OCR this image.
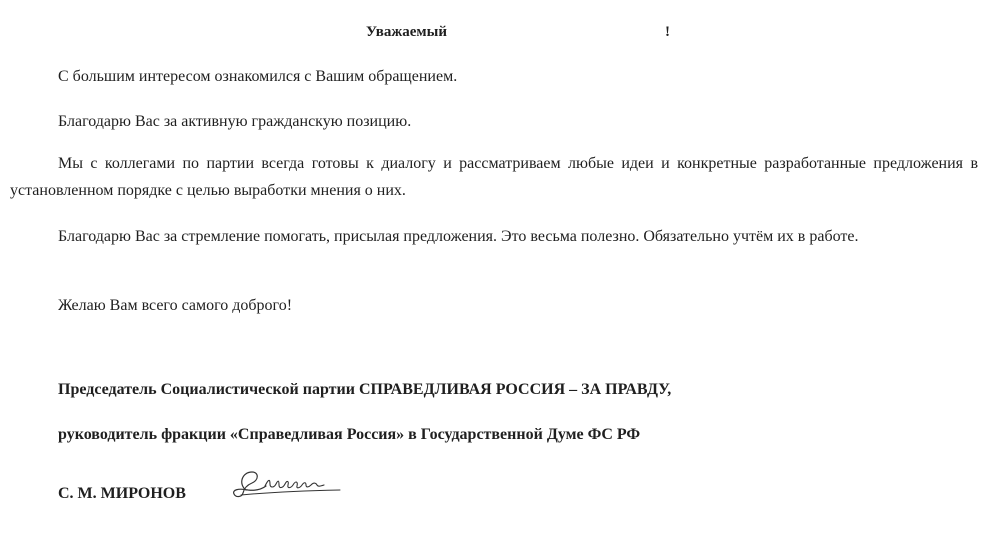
Уважаемый	!

С большим интересом ознакомился с Вашим обращением.

Благодарю Вас за активную гражданскую позицию.

Мы с коллегами по партии всегда готовы к диалогу и рассматриваем любые идеи и конкретные разработанные предложения в установленном порядке с целью выработки мнения о них.

Благодарю Вас за стремление помогать, присылая предложения. Это весьма полезно. Обязательно учтём их в работе.

Желаю Вам всего самого доброго!

Председатель Социалистической партии СПРАВЕДЛИВАЯ РОССИЯ – ЗА ПРАВДУ,
руководитель фракции «Справедливая Россия» в Государственной Думе ФС РФ
С. М. МИРОНОВ
